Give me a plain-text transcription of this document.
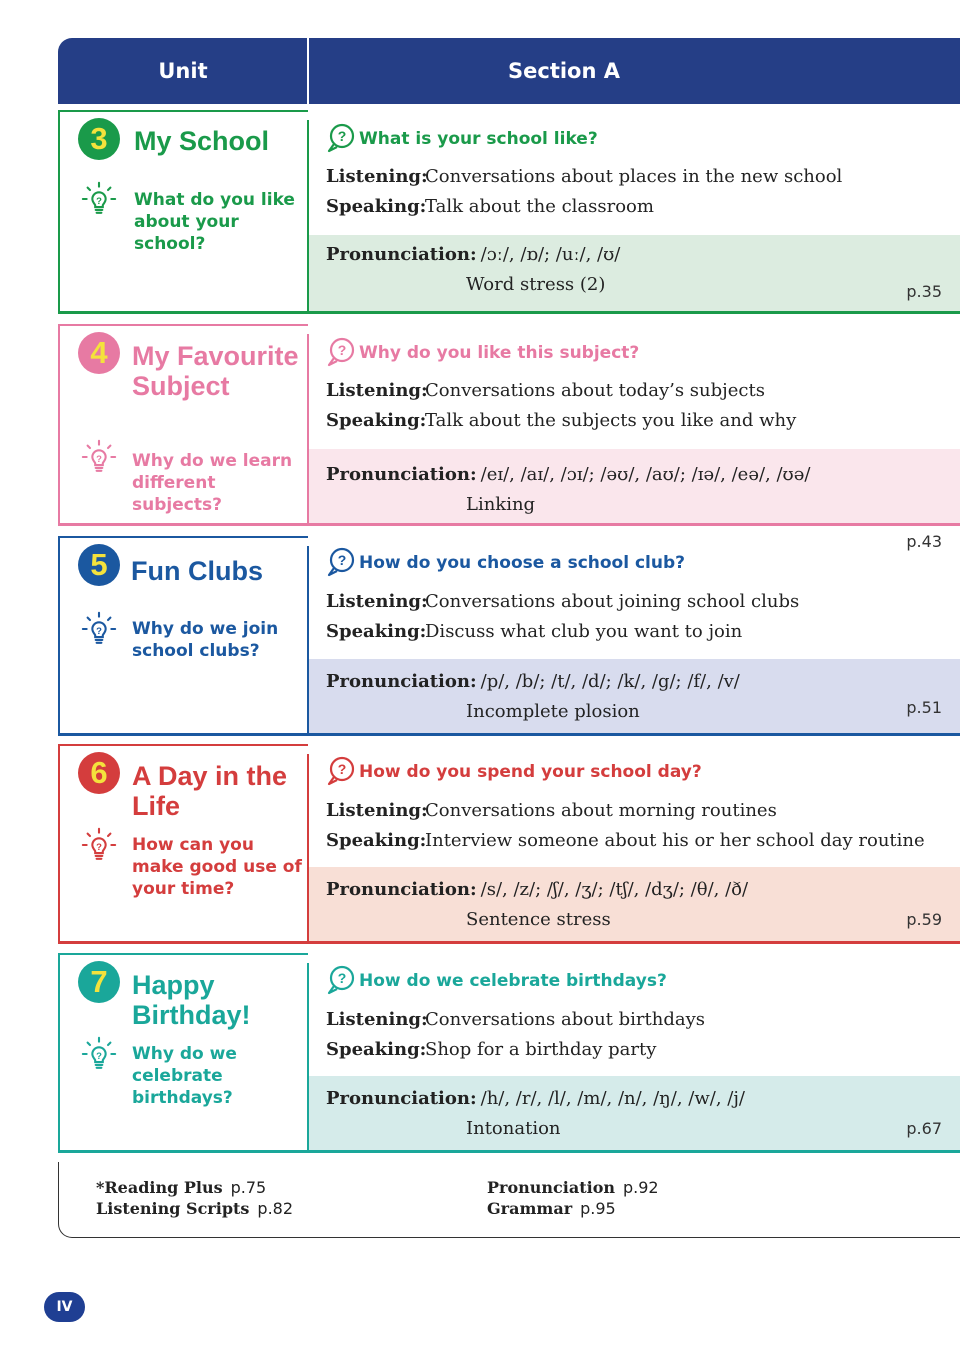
Unit	Section A
3 My School
? What do you like about your school?
p.35
? What is your school like?
Listening:Conversations about places in the new school
Speaking:Talk about the classroom
Pronunciation: /ɔː/, /ɒ/; /uː/, /ʊ/
Word stress (2)
4 My Favourite Subject
? Why do we learn different subjects?
p.43
? Why do you like this subject?
Listening:Conversations about today’s subjects
Speaking:Talk about the subjects you like and why
Pronunciation: /eɪ/, /aɪ/, /ɔɪ/; /əʊ/, /aʊ/; /ɪə/, /eə/, /ʊə/
Linking
5 Fun Clubs
? Why do we join school clubs?
p.51
? How do you choose a school club?
Listening:Conversations about joining school clubs
Speaking:Discuss what club you want to join
Pronunciation: /p/, /b/; /t/, /d/; /k/, /g/; /f/, /v/
Incomplete plosion
6 A Day in the Life
? How can you make good use of your time?
p.59
? How do you spend your school day?
Listening:Conversations about morning routines
Speaking:Interview someone about his or her school day routine
Pronunciation: /s/, /z/; /ʃ/, /ʒ/; /tʃ/, /dʒ/; /θ/, /ð/
Sentence stress
7 Happy Birthday!
? Why do we celebrate birthdays?
p.67
? How do we celebrate birthdays?
Listening:Conversations about birthdays
Speaking:Shop for a birthday party
Pronunciation: /h/, /r/, /l/, /m/, /n/, /ŋ/, /w/, /j/
Intonation
*Reading Plus p.75
Listening Scripts p.82
Pronunciation p.92
Grammar p.95
IV
